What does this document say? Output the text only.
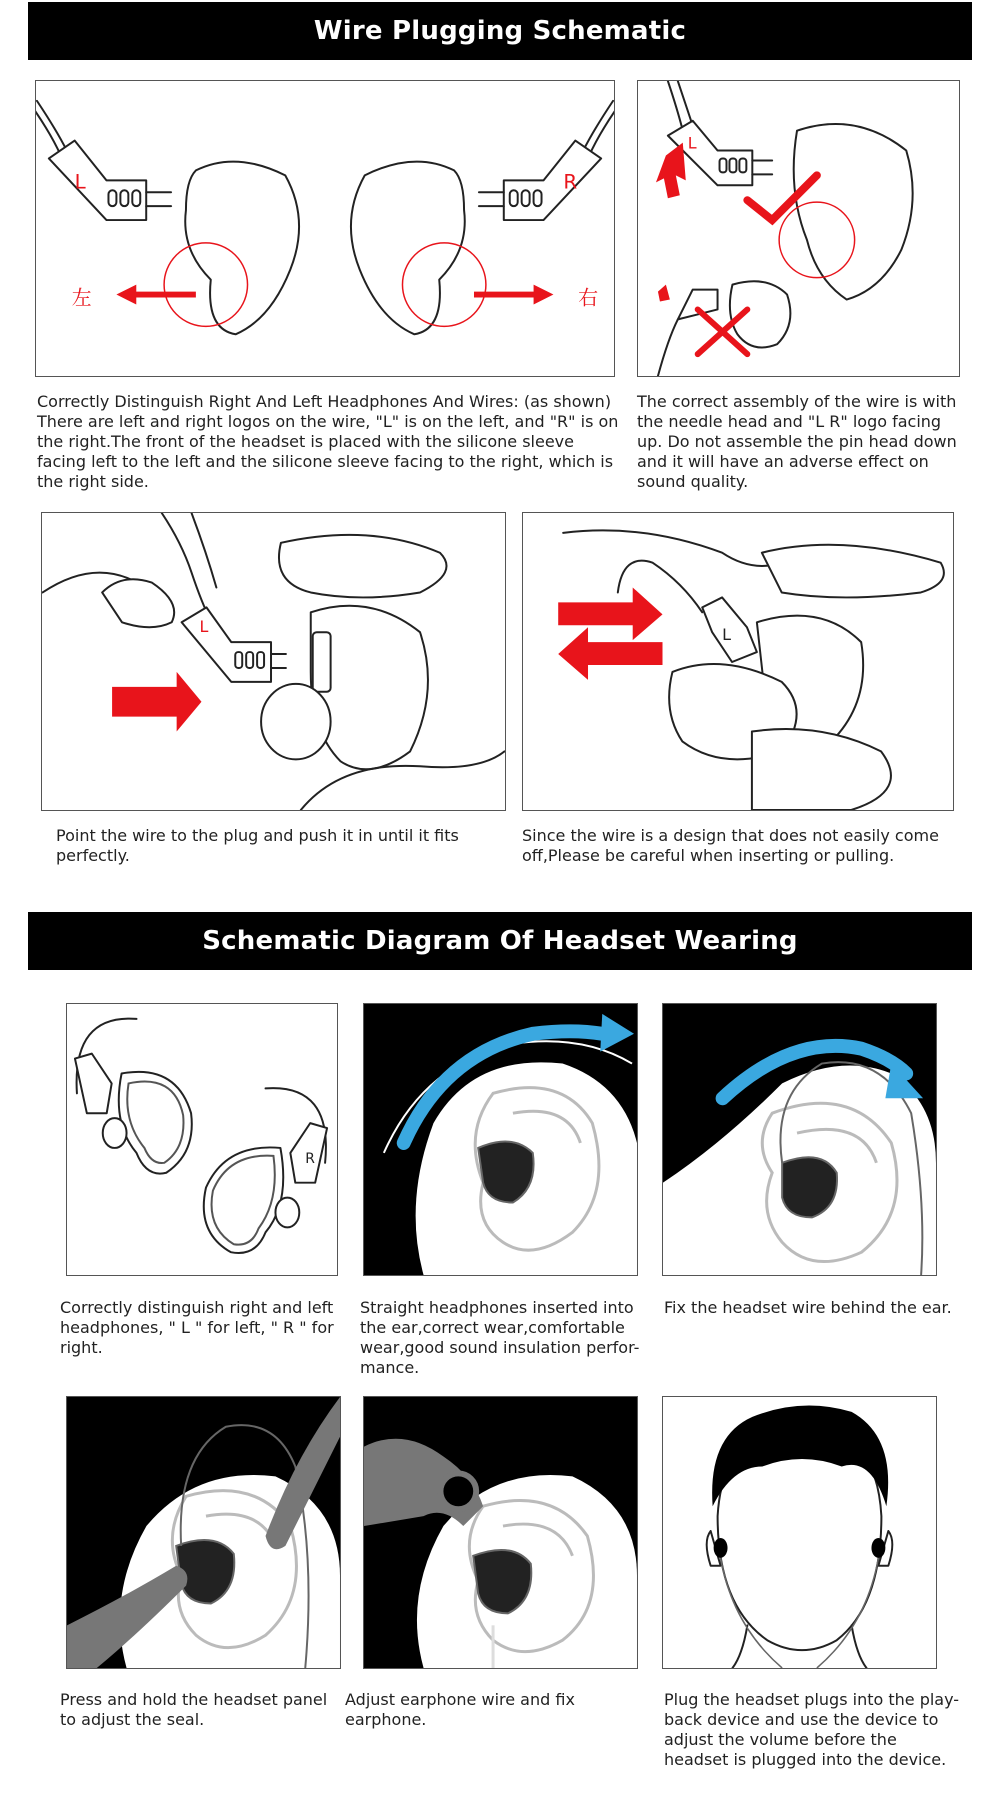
Wire Plugging Schematic
L
左
R
右
L
Correctly Distinguish Right And Left Headphones And Wires: (as shown) There are left and right logos on the wire, "L" is on the left, and "R" is on the right.The front of the headset is placed with the silicone sleeve facing left to the left and the silicone sleeve facing to the right, which is the right side.
The correct assembly of the wire is with the needle head and "L R" logo facing up. Do not assemble the pin head down and it will have an adverse effect on sound quality.
L	L
Point the wire to the plug and push it in until it fits perfectly.
Since the wire is a design that does not easily come off,Please be careful when inserting or pulling.
Schematic Diagram Of Headset Wearing
R
Correctly distinguish right and left headphones, " L " for left, " R " for right.
Straight headphones inserted into the ear,correct wear,comfortable wear,good sound insulation perfor-mance.
Fix the headset wire behind the ear.
Press and hold the headset panel to adjust the seal.
Adjust earphone wire and fix earphone.
Plug the headset plugs into the play-back device and use the device to adjust the volume before the headset is plugged into the device.
